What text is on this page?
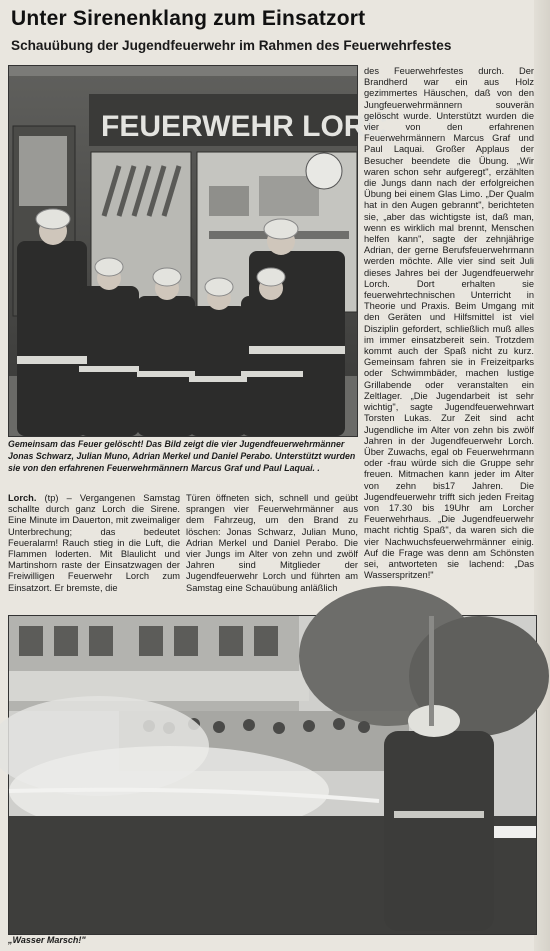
Unter Sirenenklang zum Einsatzort
Schauübung der Jugendfeuerwehr im Rahmen des Feuerwehrfestes
FEUERWEHR LORC
Gemeinsam das Feuer gelöscht! Das Bild zeigt die vier Jugendfeuerwehrmänner Jonas Schwarz, Julian Muno, Adrian Merkel und Daniel Perabo. Unterstützt wurden sie von den erfahrenen Feuerwehrmännern Marcus Graf und Paul Laquai. .

Lorch. (tp) – Vergangenen Samstag schallte durch ganz Lorch die Sirene. Eine Minute im Dauerton, mit zweimaliger Unterbrechung; das bedeutet Feueralarm! Rauch stieg in die Luft, die Flammen loderten. Mit Blaulicht und Martinshorn raste der Einsatzwagen der Freiwilligen Feuerwehr Lorch zum Einsatzort. Er bremste, die

Türen öffneten sich, schnell und geübt sprangen vier Feuerwehrmänner aus dem Fahrzeug, um den Brand zu löschen: Jonas Schwarz, Julian Muno, Adrian Merkel und Daniel Perabo. Die vier Jungs im Alter von zehn und zwölf Jahren sind Mitglieder der Jugendfeuerwehr Lorch und führten am Samstag eine Schauübung anläßlich

des Feuerwehrfestes durch. Der Brandherd war ein aus Holz gezimmertes Häuschen, daß von den Jungfeuerwehrmännern souverän gelöscht wurde. Unterstützt wurden die vier von den erfahrenen Feuerwehrmännern Marcus Graf und Paul Laquai. Großer Applaus der Besucher beendete die Übung. „Wir waren schon sehr aufgeregt", erzählten die Jungs dann nach der erfolgreichen Übung bei einem Glas Limo. „Der Qualm hat in den Augen gebrannt", berichteten sie, „aber das wichtigste ist, daß man, wenn es wirklich mal brennt, Menschen helfen kann", sagte der zehnjährige Adrian, der gerne Berufsfeuerwehrmann werden möchte. Alle vier sind seit Juli dieses Jahres bei der Jugendfeuerwehr Lorch. Dort erhalten sie feuerwehrtechnischen Unterricht in Theorie und Praxis. Beim Umgang mit den Geräten und Hilfsmittel ist viel Disziplin gefordert, schließlich muß alles im immer einsatzbereit sein. Trotzdem kommt auch der Spaß nicht zu kurz. Gemeinsam fahren sie in Freizeitparks oder Schwimmbäder, machen lustige Grillabende oder veranstalten ein Zeltlager. „Die Jugendarbeit ist sehr wichtig", sagte Jugendfeuerwehrwart Torsten Lukas. Zur Zeit sind acht Jugendliche im Alter von zehn bis zwölf Jahren in der Jugendfeuerwehr Lorch. Über Zuwachs, egal ob Feuerwehrmann oder -frau würde sich die Gruppe sehr freuen. Mitmachen kann jeder im Alter von zehn bis17 Jahren. Die Jugendfeuerwehr trifft sich jeden Freitag von 17.30 bis 19Uhr am Lorcher Feuerwehrhaus. „Die Jugendfeuerwehr macht richtig Spaß", da waren sich die vier Nachwuchsfeuerwehrmänner einig. Auf die Frage was denn am Schönsten sei, antworteten sie lachend: „Das Wasserspritzen!"

„Wasser Marsch!"
